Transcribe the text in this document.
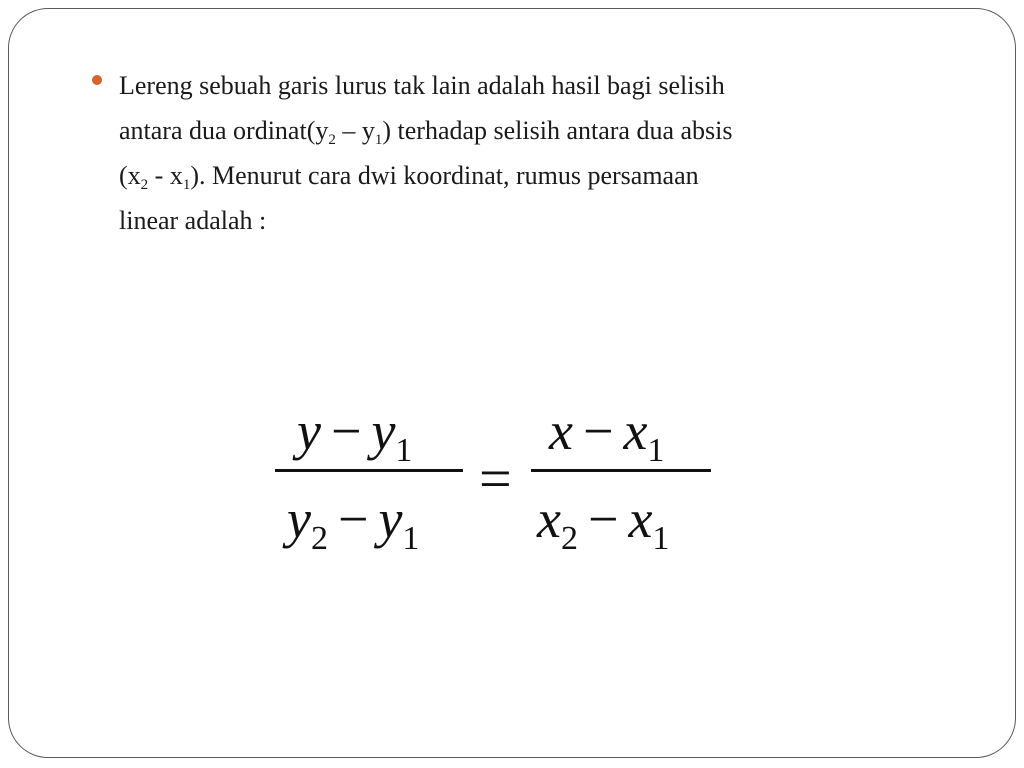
Lereng sebuah garis lurus tak lain adalah hasil bagi selisih
antara dua $ordinat(y_2 - y_1)$ terhadap selisih antara dua absis
$(x_2 - x_1)$. Menurut cara dwi koordinat, rumus persamaan
linear adalah :
$y - y_1$
$y_2 - y_1$
=
$x - x_1$
$x_2 - x_1$
